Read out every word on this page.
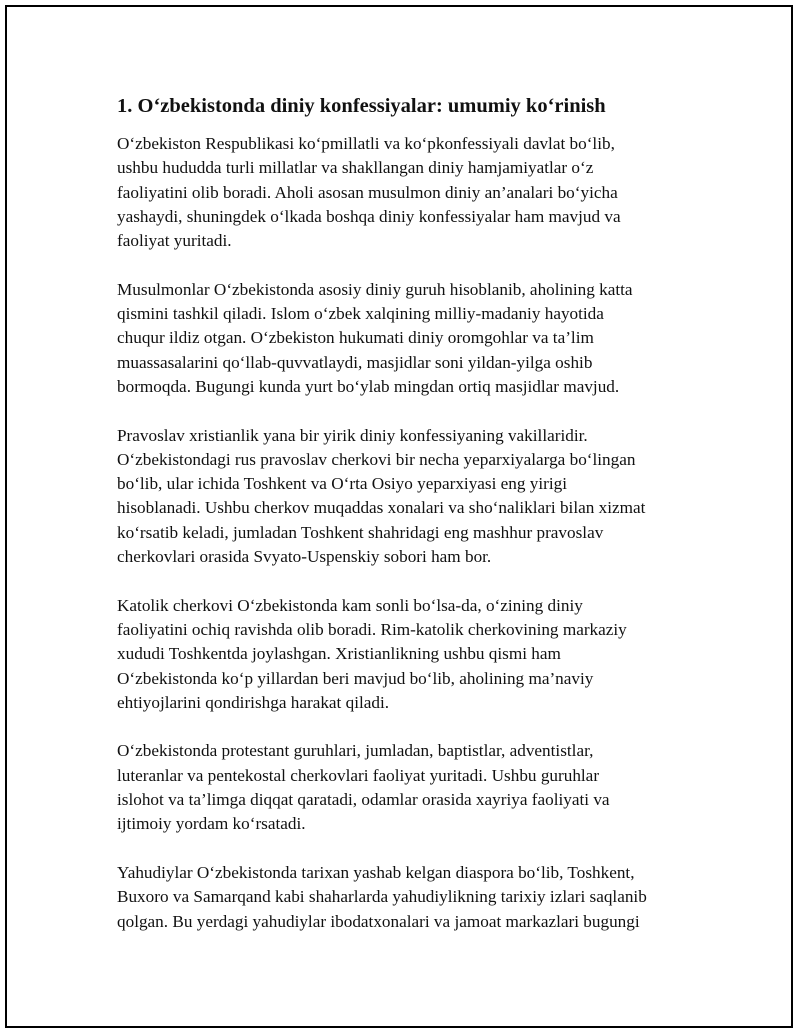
1. O‘zbekistonda diniy konfessiyalar: umumiy ko‘rinish

O‘zbekiston Respublikasi ko‘pmillatli va ko‘pkonfessiyali davlat bo‘lib,
ushbu hududda turli millatlar va shakllangan diniy hamjamiyatlar o‘z
faoliyatini olib boradi. Aholi asosan musulmon diniy an’analari bo‘yicha
yashaydi, shuningdek o‘lkada boshqa diniy konfessiyalar ham mavjud va
faoliyat yuritadi.

Musulmonlar O‘zbekistonda asosiy diniy guruh hisoblanib, aholining katta
qismini tashkil qiladi. Islom o‘zbek xalqining milliy-madaniy hayotida
chuqur ildiz otgan. O‘zbekiston hukumati diniy oromgohlar va ta’lim
muassasalarini qo‘llab-quvvatlaydi, masjidlar soni yildan-yilga oshib
bormoqda. Bugungi kunda yurt bo‘ylab mingdan ortiq masjidlar mavjud.

Pravoslav xristianlik yana bir yirik diniy konfessiyaning vakillaridir.
O‘zbekistondagi rus pravoslav cherkovi bir necha yeparxiyalarga bo‘lingan
bo‘lib, ular ichida Toshkent va O‘rta Osiyo yeparxiyasi eng yirigi
hisoblanadi. Ushbu cherkov muqaddas xonalari va sho‘naliklari bilan xizmat
ko‘rsatib keladi, jumladan Toshkent shahridagi eng mashhur pravoslav
cherkovlari orasida Svyato-Uspenskiy sobori ham bor.

Katolik cherkovi O‘zbekistonda kam sonli bo‘lsa-da, o‘zining diniy
faoliyatini ochiq ravishda olib boradi. Rim-katolik cherkovining markaziy
xududi Toshkentda joylashgan. Xristianlikning ushbu qismi ham
O‘zbekistonda ko‘p yillardan beri mavjud bo‘lib, aholining ma’naviy
ehtiyojlarini qondirishga harakat qiladi.

O‘zbekistonda protestant guruhlari, jumladan, baptistlar, adventistlar,
luteranlar va pentekostal cherkovlari faoliyat yuritadi. Ushbu guruhlar
islohot va ta’limga diqqat qaratadi, odamlar orasida xayriya faoliyati va
ijtimoiy yordam ko‘rsatadi.

Yahudiylar O‘zbekistonda tarixan yashab kelgan diaspora bo‘lib, Toshkent,
Buxoro va Samarqand kabi shaharlarda yahudiylikning tarixiy izlari saqlanib
qolgan. Bu yerdagi yahudiylar ibodatxonalari va jamoat markazlari bugungi
